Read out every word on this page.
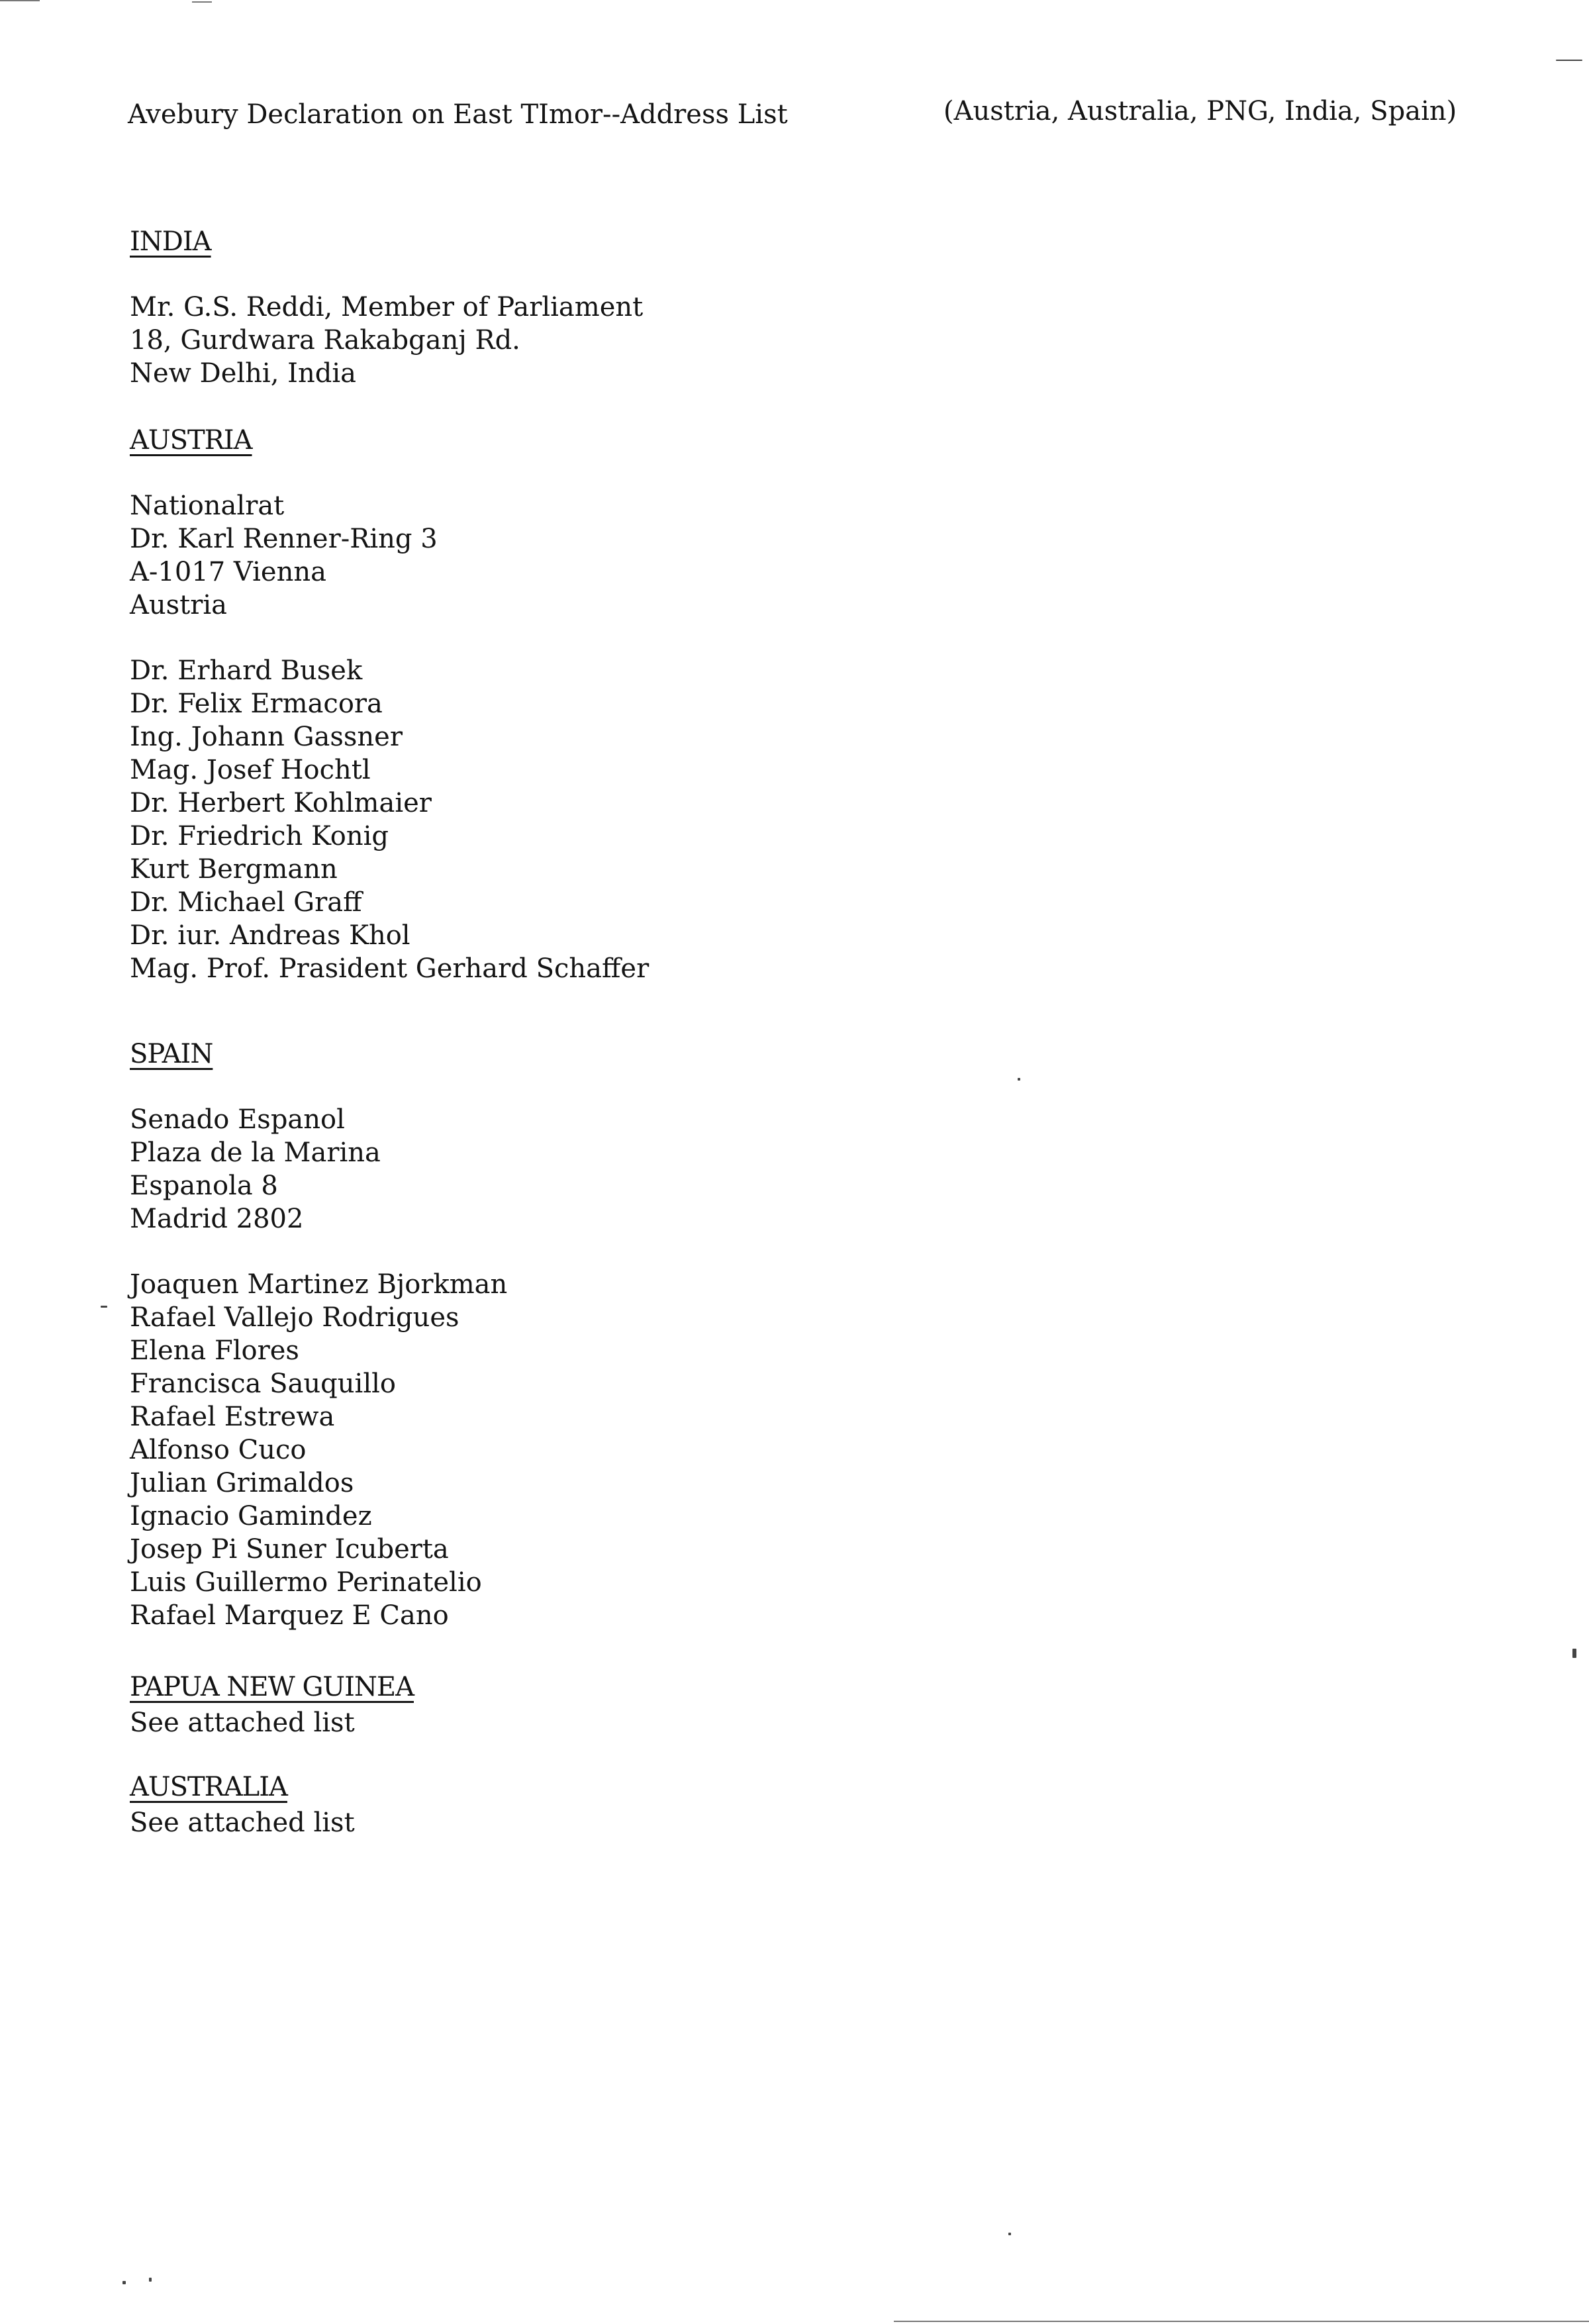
Avebury Declaration on East TImor--Address List	(Austria, Australia, PNG, India, Spain)
INDIA
Mr. G.S. Reddi, Member of Parliament
18, Gurdwara Rakabganj Rd.
New Delhi, India
AUSTRIA
Nationalrat
Dr. Karl Renner-Ring 3
A-1017 Vienna
Austria
Dr. Erhard Busek
Dr. Felix Ermacora
Ing. Johann Gassner
Mag. Josef Hochtl
Dr. Herbert Kohlmaier
Dr. Friedrich Konig
Kurt Bergmann
Dr. Michael Graff
Dr. iur. Andreas Khol
Mag. Prof. Prasident Gerhard Schaffer
SPAIN
Senado Espanol
Plaza de la Marina
Espanola 8
Madrid 2802
Joaquen Martinez Bjorkman
Rafael Vallejo Rodrigues
Elena Flores
Francisca Sauquillo
Rafael Estrewa
Alfonso Cuco
Julian Grimaldos
Ignacio Gamindez
Josep Pi Suner Icuberta
Luis Guillermo Perinatelio
Rafael Marquez E Cano
PAPUA NEW GUINEA
See attached list
AUSTRALIA
See attached list
